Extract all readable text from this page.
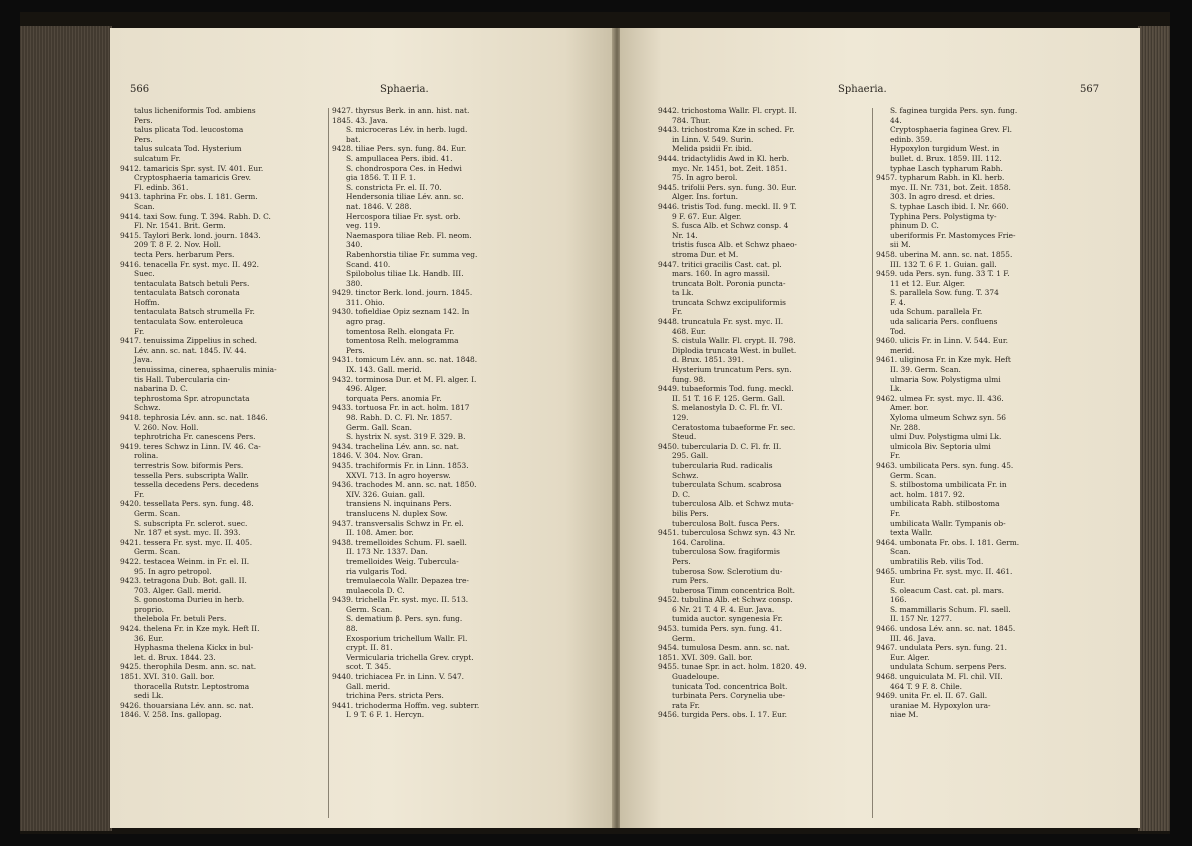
566	Sphaeria.
talus licheniformis Tod. ambiens
Pers.
talus plicata Tod. leucostoma
Pers.
talus sulcata Tod. Hysterium
sulcatum Fr.
9412. tamaricis Spr. syst. IV. 401. Eur.
Cryptosphaeria tamaricis Grev.
Fl. edinb. 361.
9413. taphrina Fr. obs. I. 181. Germ.
Scan.
9414. taxi Sow. fung. T. 394. Rabh. D. C.
Fl. Nr. 1541. Brit. Germ.
9415. Taylori Berk. lond. journ. 1843.
209 T. 8 F. 2. Nov. Holl.
tecta Pers. herbarum Pers.
9416. tenacella Fr. syst. myc. II. 492.
Suec.
tentaculata Batsch betuli Pers.
tentaculata Batsch coronata
Hoffm.
tentaculata Batsch strumella Fr.
tentaculata Sow. enteroleuca
Fr.
9417. tenuissima Zippelius in sched.
Lév. ann. sc. nat. 1845. IV. 44.
Java.
tenuissima, cinerea, sphaerulis minia-
tis Hall. Tubercularia cin-
nabarina D. C.
tephrostoma Spr. atropunctata
Schwz.
9418. tephrosia Lév. ann. sc. nat. 1846.
V. 260. Nov. Holl.
tephrotricha Fr. canescens Pers.
9419. teres Schwz in Linn. IV. 46. Ca-
rolina.
terrestris Sow. biformis Pers.
tessella Pers. subscripta Wallr.
tessella decedens Pers. decedens
Fr.
9420. tessellata Pers. syn. fung. 48.
Germ. Scan.
S. subscripta Fr. sclerot. suec.
Nr. 187 et syst. myc. II. 393.
9421. tessera Fr. syst. myc. II. 405.
Germ. Scan.
9422. testacea Weinm. in Fr. el. II.
95. In agro petropol.
9423. tetragona Dub. Bot. gall. II.
703. Alger. Gall. merid.
S. gonostoma Durieu in herb.
proprio.
thelebola Fr. betuli Pers.
9424. thelena Fr. in Kze myk. Heft II.
36. Eur.
Hyphasma thelena Kickx in bul-
let. d. Brux. 1844. 23.
9425. therophila Desm. ann. sc. nat.
1851. XVI. 310. Gall. bor.
thoracella Rutstr. Leptostroma
sedi Lk.
9426. thouarsiana Lév. ann. sc. nat.
1846. V. 258. Ins. gallopag.
9427. thyrsus Berk. in ann. hist. nat.
1845. 43. Java.
S. microceras Lév. in herb. lugd.
bat.
9428. tiliae Pers. syn. fung. 84. Eur.
S. ampullacea Pers. ibid. 41.
S. chondrospora Ces. in Hedwi
gia 1856. T. II F. 1.
S. constricta Fr. el. II. 70.
Hendersonia tiliae Lév. ann. sc.
nat. 1846. V. 288.
Hercospora tiliae Fr. syst. orb.
veg. 119.
Naemaspora tiliae Reb. Fl. neom.
340.
Rabenhorstia tiliae Fr. summa veg.
Scand. 410.
Spilobolus tiliae Lk. Handb. III.
380.
9429. tinctor Berk. lond. journ. 1845.
311. Ohio.
9430. tofieldiae Opiz seznam 142. In
agro prag.
tomentosa Relh. elongata Fr.
tomentosa Relh. melogramma
Pers.
9431. tomicum Lév. ann. sc. nat. 1848.
IX. 143. Gall. merid.
9432. torminosa Dur. et M. Fl. alger. I.
496. Alger.
torquata Pers. anomia Fr.
9433. tortuosa Fr. in act. holm. 1817
98. Rabh. D. C. Fl. Nr. 1857.
Germ. Gall. Scan.
S. hystrix N. syst. 319 F. 329. B.
9434. trachelina Lév. ann. sc. nat.
1846. V. 304. Nov. Gran.
9435. trachiformis Fr. in Linn. 1853.
XXVI. 713. In agro hoyersw.
9436. trachodes M. ann. sc. nat. 1850.
XIV. 326. Guian. gall.
transiens N. inquinans Pers.
translucens N. duplex Sow.
9437. transversalis Schwz in Fr. el.
II. 108. Amer. bor.
9438. tremelloides Schum. Fl. saell.
II. 173 Nr. 1337. Dan.
tremelloides Weig. Tubercula-
ria vulgaris Tod.
tremulaecola Wallr. Depazea tre-
mulaecola D. C.
9439. trichella Fr. syst. myc. II. 513.
Germ. Scan.
S. dematium β. Pers. syn. fung.
88.
Exosporium trichellum Wallr. Fl.
crypt. II. 81.
Vermicularia trichella Grev. crypt.
scot. T. 345.
9440. trichiacea Fr. in Linn. V. 547.
Gall. merid.
trichina Pers. stricta Pers.
9441. trichoderma Hoffm. veg. subterr.
I. 9 T. 6 F. 1. Hercyn.
Sphaeria.	567
9442. trichostoma Wallr. Fl. crypt. II.
784. Thur.
9443. trichostroma Kze in sched. Fr.
in Linn. V. 549. Surin.
Melida psidii Fr. ibid.
9444. tridactylidis Awd in Kl. herb.
myc. Nr. 1451, bot. Zeit. 1851.
75. In agro berol.
9445. trifolii Pers. syn. fung. 30. Eur.
Alger. Ins. fortun.
9446. tristis Tod. fung. meckl. II. 9 T.
9 F. 67. Eur. Alger.
S. fusca Alb. et Schwz consp. 4
Nr. 14.
tristis fusca Alb. et Schwz phaeo-
stroma Dur. et M.
9447. tritici gracilis Cast. cat. pl.
mars. 160. In agro massil.
truncata Bolt. Poronia puncta-
ta Lk.
truncata Schwz excipuliformis
Fr.
9448. truncatula Fr. syst. myc. II.
468. Eur.
S. cistula Wallr. Fl. crypt. II. 798.
Diplodia truncata West. in bullet.
d. Brux. 1851. 391.
Hysterium truncatum Pers. syn.
fung. 98.
9449. tubaeformis Tod. fung. meckl.
II. 51 T. 16 F. 125. Germ. Gall.
S. melanostyla D. C. Fl. fr. VI.
129.
Ceratostoma tubaeforme Fr. sec.
Steud.
9450. tubercularia D. C. Fl. fr. II.
295. Gall.
tubercularia Rud. radicalis
Schwz.
tuberculata Schum. scabrosa
D. C.
tuberculosa Alb. et Schwz muta-
bilis Pers.
tuberculosa Bolt. fusca Pers.
9451. tuberculosa Schwz syn. 43 Nr.
164. Carolina.
tuberculosa Sow. fragiformis
Pers.
tuberosa Sow. Sclerotium du-
rum Pers.
tuberosa Timm concentrica Bolt.
9452. tubulina Alb. et Schwz consp.
6 Nr. 21 T. 4 F. 4. Eur. Java.
tumida auctor. syngenesia Fr.
9453. tumida Pers. syn. fung. 41.
Germ.
9454. tumulosa Desm. ann. sc. nat.
1851. XVI. 309. Gall. bor.
9455. tunae Spr. in act. holm. 1820. 49.
Guadeloupe.
tunicata Tod. concentrica Bolt.
turbinata Pers. Corynelia ube-
rata Fr.
9456. turgida Pers. obs. I. 17. Eur.
S. faginea turgida Pers. syn. fung.
44.
Cryptosphaeria faginea Grev. Fl.
edinb. 359.
Hypoxylon turgidum West. in
bullet. d. Brux. 1859. III. 112.
typhae Lasch typharum Rabh.
9457. typharum Rabh. in Kl. herb.
myc. II. Nr. 731, bot. Zeit. 1858.
303. In agro dresd. et dries.
S. typhae Lasch ibid. I. Nr. 660.
Typhina Pers. Polystigma ty-
phinum D. C.
uberiformis Fr. Mastomyces Frie-
sii M.
9458. uberina M. ann. sc. nat. 1855.
III. 132 T. 6 F. 1. Guian. gall.
9459. uda Pers. syn. fung. 33 T. 1 F.
11 et 12. Eur. Alger.
S. parallela Sow. fung. T. 374
F. 4.
uda Schum. parallela Fr.
uda salicaria Pers. confluens
Tod.
9460. ulicis Fr. in Linn. V. 544. Eur.
merid.
9461. uliginosa Fr. in Kze myk. Heft
II. 39. Germ. Scan.
ulmaria Sow. Polystigma ulmi
Lk.
9462. ulmea Fr. syst. myc. II. 436.
Amer. bor.
Xyloma ulmeum Schwz syn. 56
Nr. 288.
ulmi Duv. Polystigma ulmi Lk.
ulmicola Biv. Septoria ulmi
Fr.
9463. umbilicata Pers. syn. fung. 45.
Germ. Scan.
S. stilbostoma umbilicata Fr. in
act. holm. 1817. 92.
umbilicata Rabh. stilbostoma
Fr.
umbilicata Wallr. Tympanis ob-
texta Wallr.
9464. umbonata Fr. obs. I. 181. Germ.
Scan.
umbratilis Reb. vilis Tod.
9465. umbrina Fr. syst. myc. II. 461.
Eur.
S. oleacum Cast. cat. pl. mars.
166.
S. mammillaris Schum. Fl. saell.
II. 157 Nr. 1277.
9466. undosa Lév. ann. sc. nat. 1845.
III. 46. Java.
9467. undulata Pers. syn. fung. 21.
Eur. Alger.
undulata Schum. serpens Pers.
9468. unguiculata M. Fl. chil. VII.
464 T. 9 F. 8. Chile.
9469. unita Fr. el. II. 67. Gall.
uraniae M. Hypoxylon ura-
niae M.
